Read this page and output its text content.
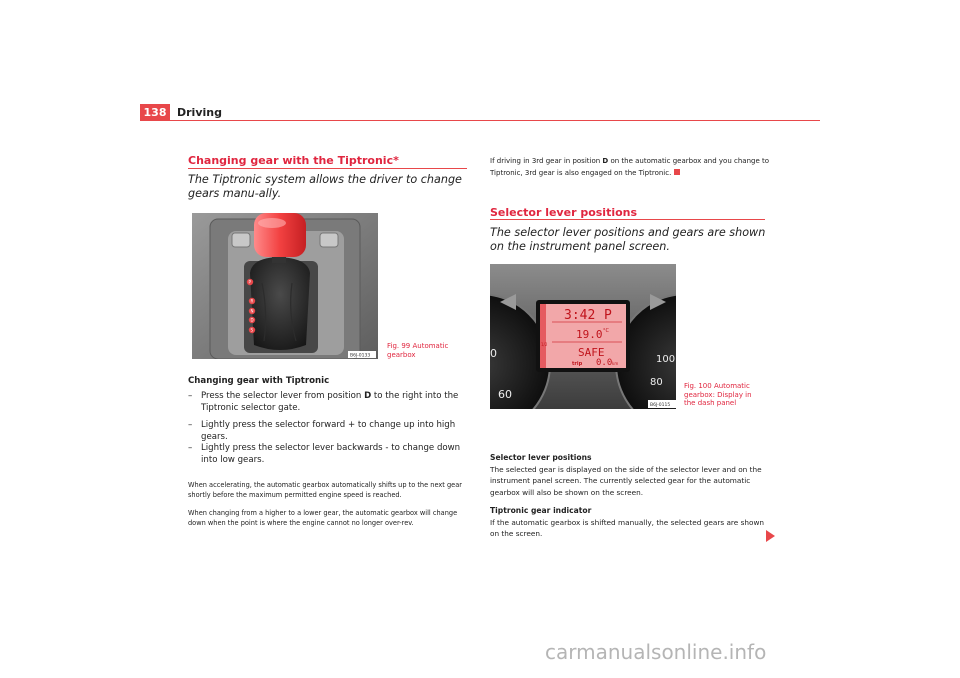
138 Driving
Changing gear with the Tiptronic*
The Tiptronic system allows the driver to change gears manu-ally.
P
R
N
D
S
B6J-0133
Fig. 99 Automatic gearbox
Changing gear with Tiptronic
– Press the selector lever from position D to the right into the Tiptronic selector gate.
– Lightly press the selector forward + to change up into high gears.
– Lightly press the selector lever backwards - to change down into low gears.
When accelerating, the automatic gearbox automatically shifts up to the next gear shortly before the maximum permitted engine speed is reached.
When changing from a higher to a lower gear, the automatic gearbox will change down when the point is where the engine cannot no longer over-rev.
If driving in 3rd gear in position D on the automatic gearbox and you change to Tiptronic, 3rd gear is also engaged on the Tiptronic.
Selector lever positions
The selector lever positions and gears are shown on the instrument panel screen.
3:42 P
19.0 °C
SAFE
trip 0.0 km
1/2
60
0	100
80
B6J-0115
Fig. 100 Automatic gearbox: Display in the dash panel
Selector lever positions
The selected gear is displayed on the side of the selector lever and on the instrument panel screen. The currently selected gear for the automatic gearbox will also be shown on the screen.
Tiptronic gear indicator
If the automatic gearbox is shifted manually, the selected gears are shown on the screen.
carmanualsonline.info
